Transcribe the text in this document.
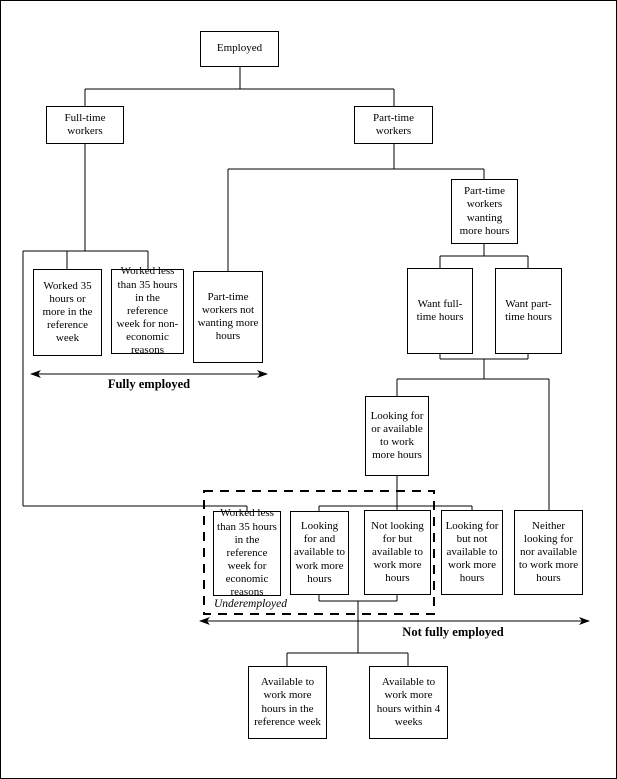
Employed
Full-time workers
Part-time workers
Part-time workers wanting more hours
Worked 35 hours or more in the reference week
Worked less than 35 hours in the reference week for non-economic reasons
Part-time workers not wanting more hours
Want full-time hours
Want part-time hours
Looking for or available to work more hours
Worked less than 35 hours in the reference week for economic reasons
Looking for and available to work more hours
Not looking for but available to work more hours
Looking for but not available to work more hours
Neither looking for nor available to work more hours
Available to work more hours in the reference week
Available to work more hours within 4 weeks
Fully employed
Not fully employed
Underemployed
